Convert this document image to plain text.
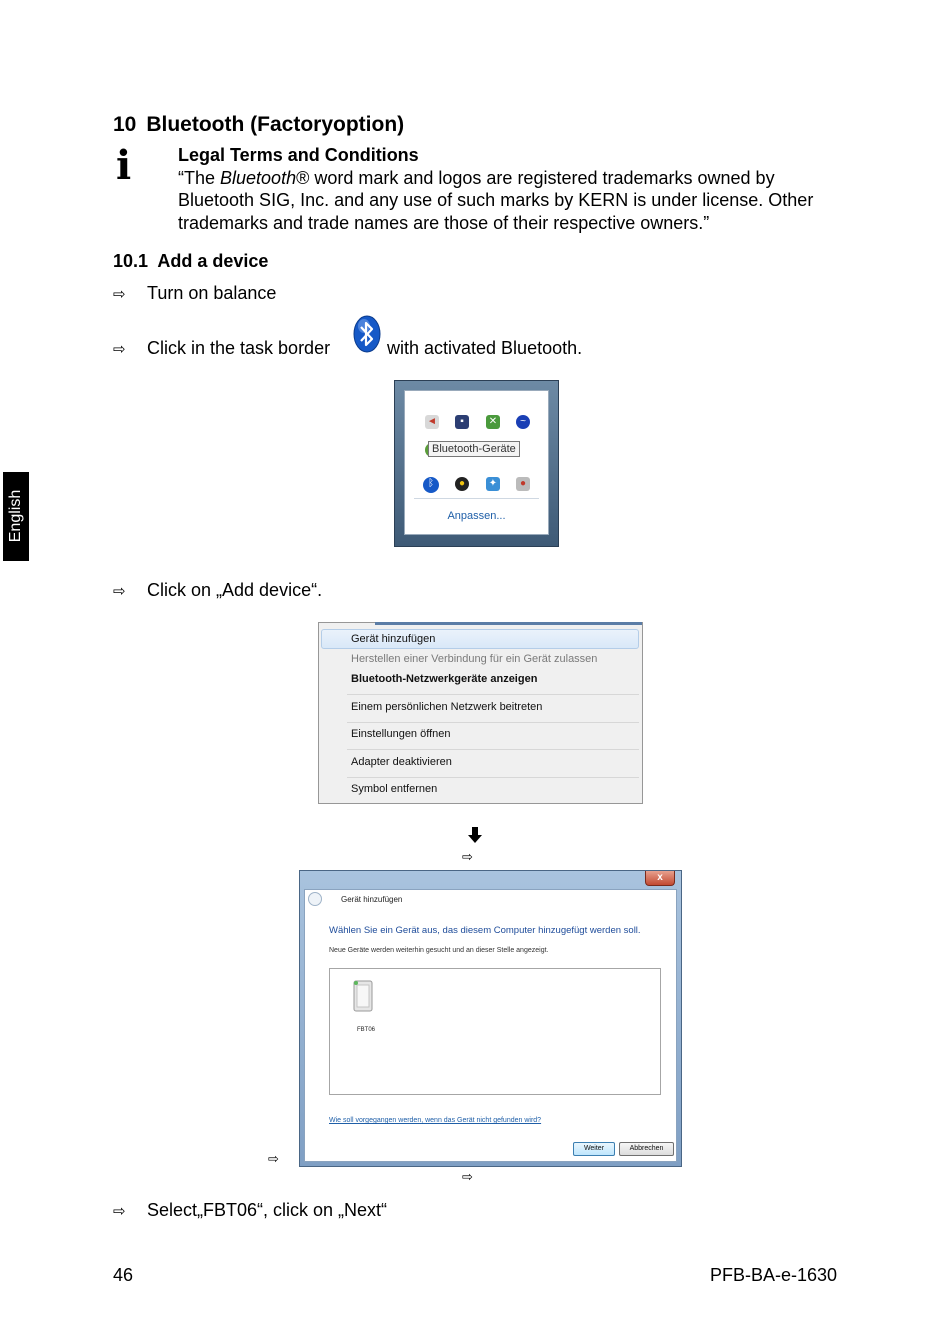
English
10 Bluetooth (Factoryoption)
i	Legal Terms and Conditions
“The Bluetooth® word mark and logos are registered trademarks owned by Bluetooth SIG, Inc. and any use of such marks by KERN is under license. Other trademarks and trade names are those of their respective owners.”
10.1 Add a device
⇨ Turn on balance
⇨ Click in the task border	with activated Bluetooth.
◄	▪	✕	~
Bluetooth-Geräte
ᛒ	●	✦	●
Anpassen...
⇨ Click on „Add device“.
Gerät hinzufügen
Herstellen einer Verbindung für ein Gerät zulassen
Bluetooth-Netzwerkgeräte anzeigen
Einem persönlichen Netzwerk beitreten
Einstellungen öffnen
Adapter deaktivieren
Symbol entfernen
⇨
x
Gerät hinzufügen
Wählen Sie ein Gerät aus, das diesem Computer hinzugefügt werden soll.
Neue Geräte werden weiterhin gesucht und an dieser Stelle angezeigt.
FBT06
Wie soll vorgegangen werden, wenn das Gerät nicht gefunden wird?
Weiter	Abbrechen
⇨
⇨
⇨ Select„FBT06“, click on „Next“
46	PFB-BA-e-1630
